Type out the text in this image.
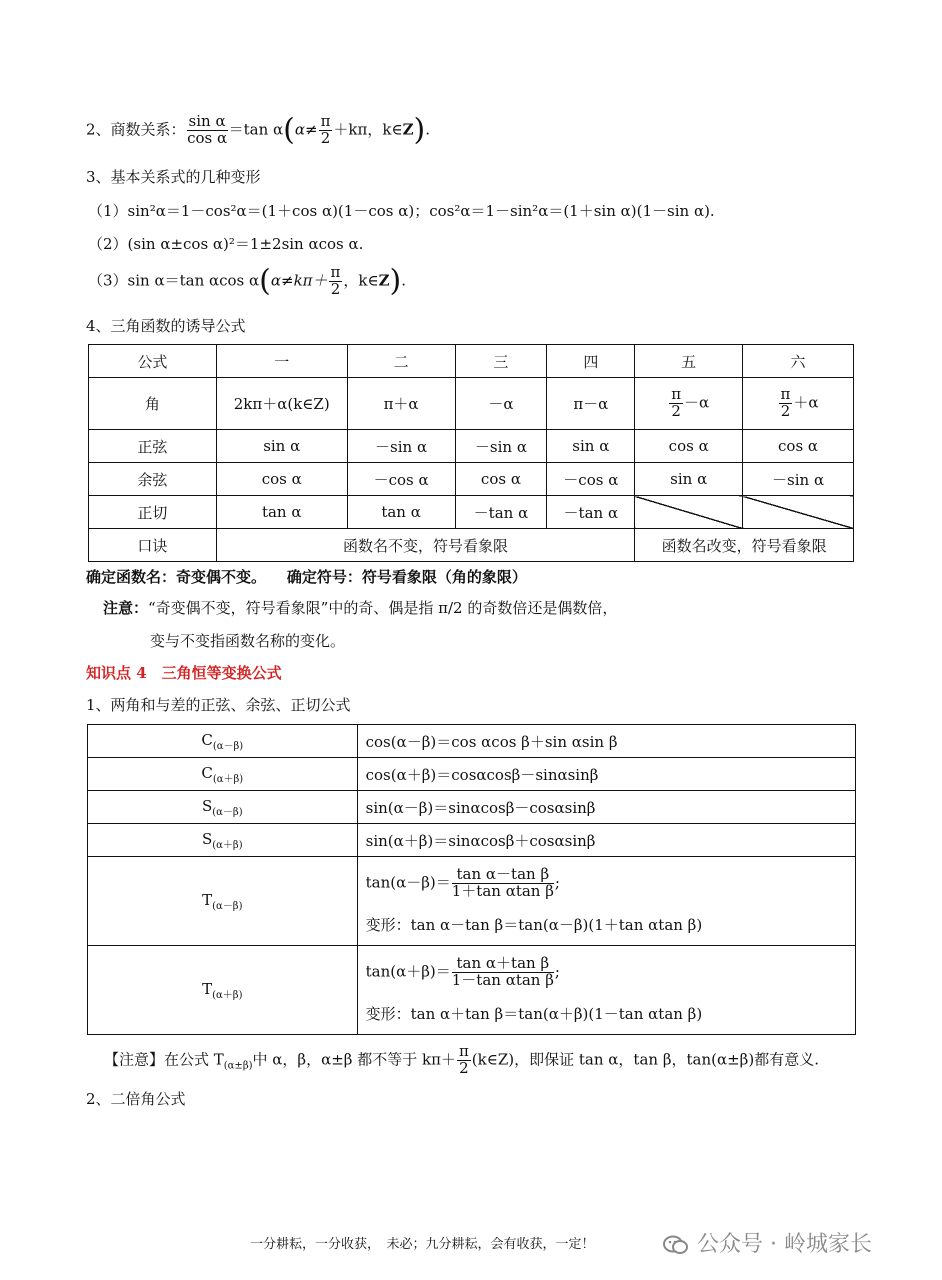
2、商数关系： $\frac{\text{sin α}}{\text{cos α}} =\tan$ $\alpha(\alpha\ne \frac{\pi}{2} +k\pi$，k∈Z).
3、基本关系式的几种变形
（1）sin²α＝1－cos²α＝(1＋cos α)(1－cos α)；cos²α＝1－sin²α＝(1＋sin α)(1－sin α).
（2）(sin α±cos α)²＝1±2sin αcos α.
（3）sin α＝tan αcos $\alpha(\alpha\ne k\pi+ \frac{\pi}{2}$ ，k∈Z).
4、三角函数的诱导公式
公式	一	二	三	四	五	六
角	2kπ＋α(k∈Z)	π＋α	－α	π－α	$\frac{\pi}{2} -\alpha$	$\frac{\pi}{2} +\alpha$
正弦	sin α	－sin α	－sin α	sin α	cos α	cos α
余弦	cos α	－cos α	cos α	－cos α	sin α	－sin α
正切	tan α	tan α	－tan α	－tan α		
口诀	函数名不变，符号看象限				函数名改变，符号看象限	
确定函数名：奇变偶不变。    确定符号：符号看象限（角的象限）
注意：“奇变偶不变，符号看象限”中的奇、偶是指 π/2 的奇数倍还是偶数倍，
变与不变指函数名称的变化。
知识点 4　三角恒等变换公式
1、两角和与差的正弦、余弦、正切公式
$C_{(\alpha-\beta)}$	cos(α－β)＝cos αcos β＋sin αsin β
$C_{(\alpha+\beta)}$	cos(α＋β)＝cosαcosβ－sinαsinβ
$S_{(\alpha-\beta)}$	sin(α－β)＝sinαcosβ－cosαsinβ
$S_{(\alpha+\beta)}$	sin(α＋β)＝sinαcosβ＋cosαsinβ
$T_{(\alpha-\beta)}$	$\tan(\alpha-\beta)= \frac{\text{tan α－tan β}}{\text{1＋tan αtan β}}$ ;
变形：tan α－tan β＝tan(α－β)(1＋tan αtan β)

$T_{(\alpha+\beta)}$	$\tan(\alpha+\beta)= \frac{\text{tan α＋tan β}}{\text{1－tan αtan β}}$ ;
变形：tan α＋tan β＝tan(α＋β)(1－tan αtan β)
【注意】在公式 $T_{(\alpha\pm\beta)}$中 α，β，α±β 都不等于 $k\pi+ \frac{\pi}{2}$ (k∈Z)，即保证 tan α，tan β，tan(α±β)都有意义.
2、二倍角公式
一分耕耘，一分收获，　未必；九分耕耘，会有收获，一定！	公众号 · 岭城家长
